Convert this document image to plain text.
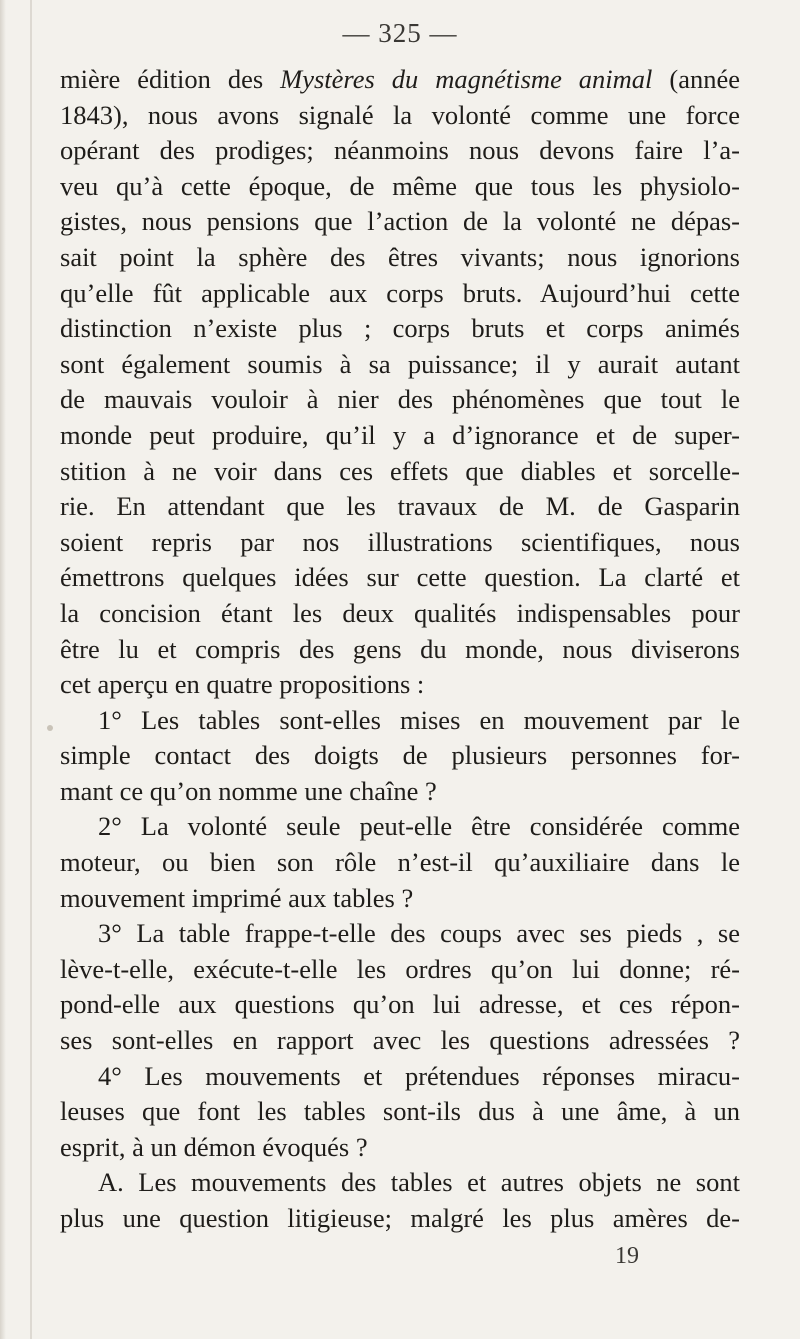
— 325 —
mière édition des Mystères du magnétisme animal (année
1843), nous avons signalé la volonté comme une force
opérant des prodiges; néanmoins nous devons faire l’a-
veu qu’à cette époque, de même que tous les physiolo-
gistes, nous pensions que l’action de la volonté ne dépas-
sait point la sphère des êtres vivants; nous ignorions
qu’elle fût applicable aux corps bruts. Aujourd’hui cette
distinction n’existe plus ; corps bruts et corps animés
sont également soumis à sa puissance; il y aurait autant
de mauvais vouloir à nier des phénomènes que tout le
monde peut produire, qu’il y a d’ignorance et de super-
stition à ne voir dans ces effets que diables et sorcelle-
rie. En attendant que les travaux de M. de Gasparin
soient repris par nos illustrations scientifiques, nous
émettrons quelques idées sur cette question. La clarté et
la concision étant les deux qualités indispensables pour
être lu et compris des gens du monde, nous diviserons
cet aperçu en quatre propositions :
1° Les tables sont-elles mises en mouvement par le
simple contact des doigts de plusieurs personnes for-
mant ce qu’on nomme une chaîne ?
2° La volonté seule peut-elle être considérée comme
moteur, ou bien son rôle n’est-il qu’auxiliaire dans le
mouvement imprimé aux tables ?
3° La table frappe-t-elle des coups avec ses pieds , se
lève-t-elle, exécute-t-elle les ordres qu’on lui donne; ré-
pond-elle aux questions qu’on lui adresse, et ces répon-
ses sont-elles en rapport avec les questions adressées ?
4° Les mouvements et prétendues réponses miracu-
leuses que font les tables sont-ils dus à une âme, à un
esprit, à un démon évoqués ?
A. Les mouvements des tables et autres objets ne sont
plus une question litigieuse; malgré les plus amères de-
19
